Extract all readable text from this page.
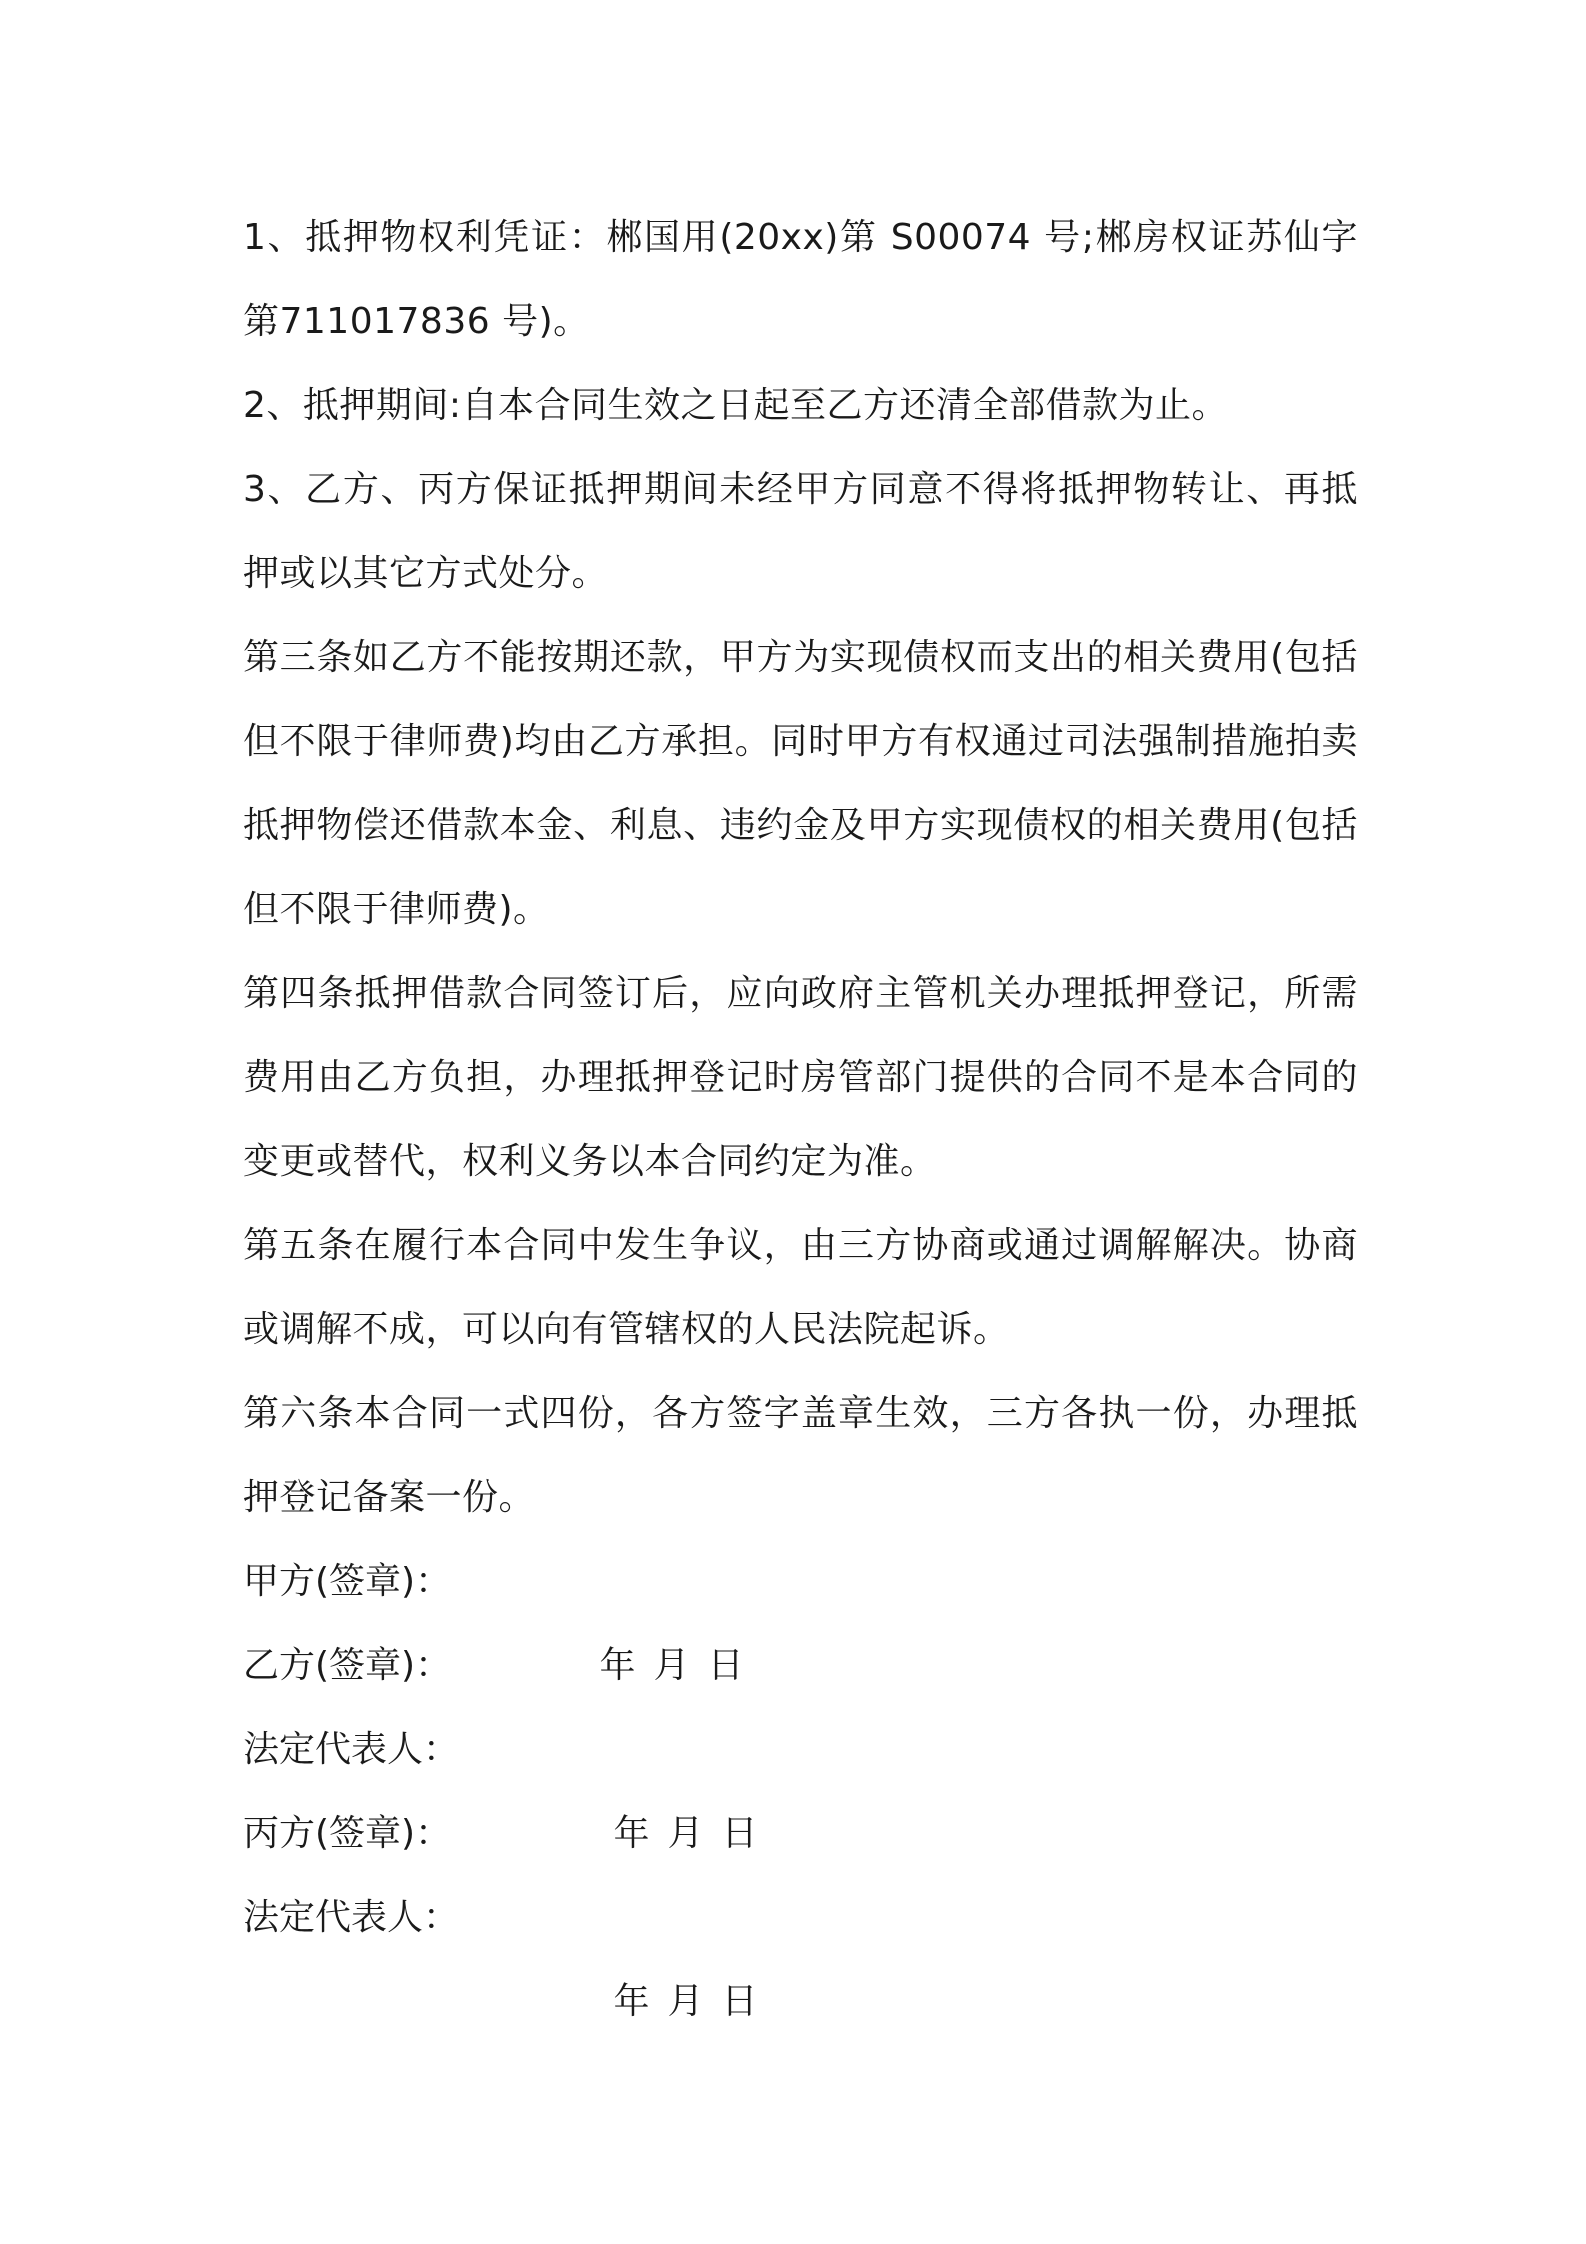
1、抵押物权利凭证：郴国用(20xx)第 S00074 号;郴房权证苏仙字第711017836 号)。

2、抵押期间:自本合同生效之日起至乙方还清全部借款为止。

3、乙方、丙方保证抵押期间未经甲方同意不得将抵押物转让、再抵押或以其它方式处分。

第三条如乙方不能按期还款，甲方为实现债权而支出的相关费用(包括但不限于律师费)均由乙方承担。同时甲方有权通过司法强制措施拍卖抵押物偿还借款本金、利息、违约金及甲方实现债权的相关费用(包括但不限于律师费)。

第四条抵押借款合同签订后，应向政府主管机关办理抵押登记，所需费用由乙方负担，办理抵押登记时房管部门提供的合同不是本合同的变更或替代，权利义务以本合同约定为准。

第五条在履行本合同中发生争议，由三方协商或通过调解解决。协商或调解不成，可以向有管辖权的人民法院起诉。

第六条本合同一式四份，各方签字盖章生效，三方各执一份，办理抵押登记备案一份。

甲方(签章)：

年 月 日

乙方(签章)：
法定代表人：

年 月 日

丙方(签章)：
法定代表人：

年 月 日
